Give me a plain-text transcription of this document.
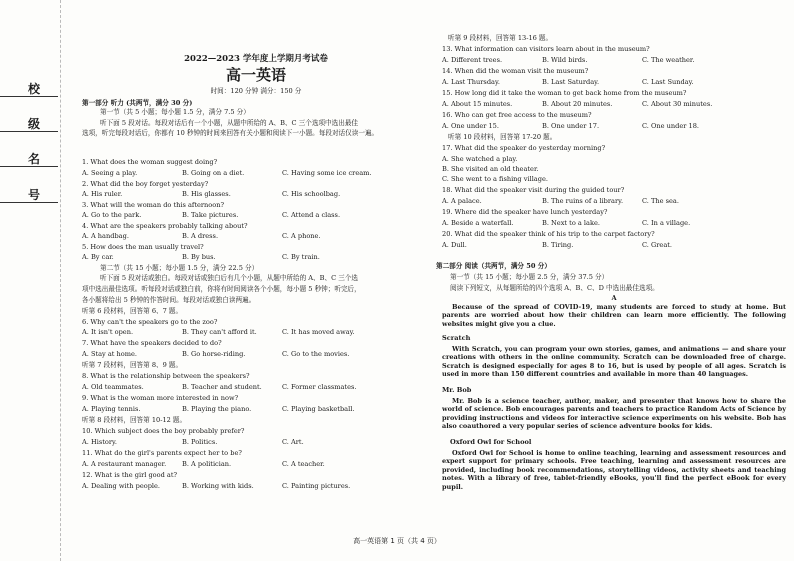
校
级
名
号
2022—2023 学年度上学期月考试卷
高一英语
时间：120 分钟 满分：150 分
第一部分 听力 (共两节，满分 30 分)
第一节（共 5 小题；每小题 1.5 分，满分 7.5 分）
听下面 5 段对话。每段对话后有一个小题，从题中所给的 A、B、C 三个选项中选出最佳
选项，听完每段对话后，你都有 10 秒钟的时间来回答有关小题和阅读下一小题。每段对话仅读一遍。
1. What does the woman suggest doing?
A. Seeing a play.	B. Going on a diet.	C. Having some ice cream.
2. What did the boy forget yesterday?
A. His ruler.	B. His glasses.	C. His schoolbag.
3. What will the woman do this afternoon?
A. Go to the park.	B. Take pictures.	C. Attend a class.
4. What are the speakers probably talking about?
A. A handbag.	B. A dress.	C. A phone.
5. How does the man usually travel?
A. By car.	B. By bus.	C. By train.
第二节（共 15 小题；每小题 1.5 分，满分 22.5 分）
听下面 5 段对话或独白。每段对话或独白后有几个小题，从题中所给的 A、B、C 三个选
项中选出最佳选项。听每段对话或独白前，你将有时间阅读各个小题，每小题 5 秒钟；听完后，
各小题将给出 5 秒钟的作答时间。每段对话或独白读两遍。
听第 6 段材料，回答第 6、7 题。
6. Why can't the speakers go to the zoo?
A. It isn't open.	B. They can't afford it.	C. It has moved away.
7. What have the speakers decided to do?
A. Stay at home.	B. Go horse-riding.	C. Go to the movies.
听第 7 段材料，回答第 8、9 题。
8. What is the relationship between the speakers?
A. Old teammates.	B. Teacher and student.	C. Former classmates.
9. What is the woman more interested in now?
A. Playing tennis.	B. Playing the piano.	C. Playing basketball.
听第 8 段材料，回答第 10-12 题。
10. Which subject does the boy probably prefer?
A. History.	B. Politics.	C. Art.
11. What do the girl's parents expect her to be?
A. A restaurant manager. B. A politician.	C. A teacher.
12. What is the girl good at?
A. Dealing with people.	B. Working with kids.	C. Painting pictures.
听第 9 段材料，回答第 13-16 题。
13. What information can visitors learn about in the museum?
A. Different trees.	B. Wild birds.	C. The weather.
14. When did the woman visit the museum?
A. Last Thursday.	B. Last Saturday.	C. Last Sunday.
15. How long did it take the woman to get back home from the museum?
A. About 15 minutes.	B. About 20 minutes.	C. About 30 minutes.
16. Who can get free access to the museum?
A. One under 15.	B. One under 17.	C. One under 18.
听第 10 段材料，回答第 17-20 题。
17. What did the speaker do yesterday morning?
A. She watched a play.
B. She visited an old theater.
C. She went to a fishing village.
18. What did the speaker visit during the guided tour?
A. A palace.	B. The ruins of a library.	C. The sea.
19. Where did the speaker have lunch yesterday?
A. Beside a waterfall.	B. Next to a lake.	C. In a village.
20. What did the speaker think of his trip to the carpet factory?
A. Dull.	B. Tiring.	C. Great.
第二部分 阅读（共两节，满分 50 分）
第一节（共 15 小题；每小题 2.5 分，满分 37.5 分）
阅读下列短文，从每题所给的四个选项 A、B、C、D 中选出最佳选项。
A
Because of the spread of COVID-19, many students are forced to study at home. But parents are worried about how their children can learn more efficiently. The following websites might give you a clue.
Scratch
With Scratch, you can program your own stories, games, and animations — and share your creations with others in the online community. Scratch can be downloaded free of charge. Scratch is designed especially for ages 8 to 16, but is used by people of all ages. Scratch is used in more than 150 different countries and available in more than 40 languages.
Mr. Bob
Mr. Bob is a science teacher, author, maker, and presenter that knows how to share the world of science. Bob encourages parents and teachers to practice Random Acts of Science by providing instructions and videos for interactive science experiments on his website. Bob has also coauthored a very popular series of science adventure books for kids.
Oxford Owl for School
Oxford Owl for School is home to online teaching, learning and assessment resources and expert support for primary schools. Free teaching, learning and assessment resources are provided, including book recommendations, storytelling videos, activity sheets and teaching notes. With a library of free, tablet-friendly eBooks, you'll find the perfect eBook for every pupil.
高一英语第 1 页（共 4 页）
